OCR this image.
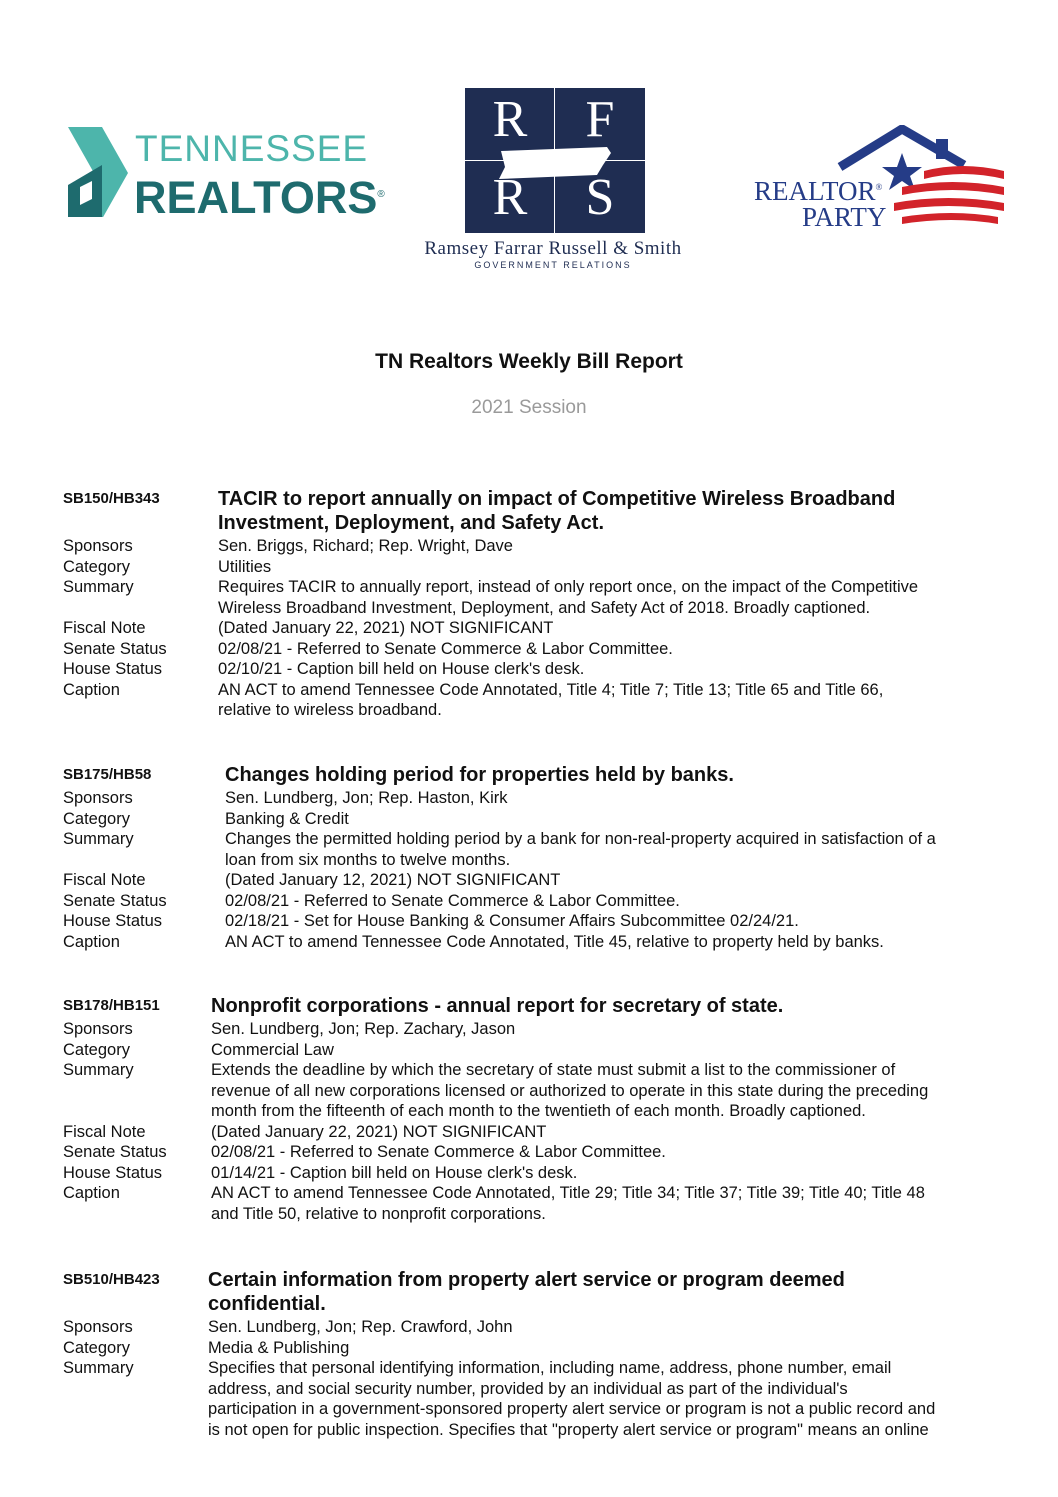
TENNESSEE
REALTORS®
R F
R S
Ramsey Farrar Russell & Smith
GOVERNMENT RELATIONS
REALTOR®
PARTY
TN Realtors Weekly Bill Report
2021 Session
SB150/HB343	TACIR to report annually on impact of Competitive Wireless Broadband
Investment, Deployment, and Safety Act.
Sponsors	Sen. Briggs, Richard; Rep. Wright, Dave
Category	Utilities
Summary	Requires TACIR to annually report, instead of only report once, on the impact of the Competitive
Wireless Broadband Investment, Deployment, and Safety Act of 2018. Broadly captioned.
Fiscal Note	(Dated January 22, 2021) NOT SIGNIFICANT
Senate Status	02/08/21 - Referred to Senate Commerce & Labor Committee.
House Status	02/10/21 - Caption bill held on House clerk's desk.
Caption	AN ACT to amend Tennessee Code Annotated, Title 4; Title 7; Title 13; Title 65 and Title 66,
relative to wireless broadband.
SB175/HB58	Changes holding period for properties held by banks.
Sponsors	Sen. Lundberg, Jon; Rep. Haston, Kirk
Category	Banking & Credit
Summary	Changes the permitted holding period by a bank for non-real-property acquired in satisfaction of a
loan from six months to twelve months.
Fiscal Note	(Dated January 12, 2021) NOT SIGNIFICANT
Senate Status	02/08/21 - Referred to Senate Commerce & Labor Committee.
House Status	02/18/21 - Set for House Banking & Consumer Affairs Subcommittee 02/24/21.
Caption	AN ACT to amend Tennessee Code Annotated, Title 45, relative to property held by banks.
SB178/HB151	Nonprofit corporations - annual report for secretary of state.
Sponsors	Sen. Lundberg, Jon; Rep. Zachary, Jason
Category	Commercial Law
Summary	Extends the deadline by which the secretary of state must submit a list to the commissioner of
revenue of all new corporations licensed or authorized to operate in this state during the preceding
month from the fifteenth of each month to the twentieth of each month. Broadly captioned.
Fiscal Note	(Dated January 22, 2021) NOT SIGNIFICANT
Senate Status	02/08/21 - Referred to Senate Commerce & Labor Committee.
House Status	01/14/21 - Caption bill held on House clerk's desk.
Caption	AN ACT to amend Tennessee Code Annotated, Title 29; Title 34; Title 37; Title 39; Title 40; Title 48
and Title 50, relative to nonprofit corporations.
SB510/HB423 Certain information from property alert service or program deemed
confidential.
Sponsors	Sen. Lundberg, Jon; Rep. Crawford, John
Category	Media & Publishing
Summary	Specifies that personal identifying information, including name, address, phone number, email
address, and social security number, provided by an individual as part of the individual's
participation in a government-sponsored property alert service or program is not a public record and
is not open for public inspection. Specifies that "property alert service or program" means an online
